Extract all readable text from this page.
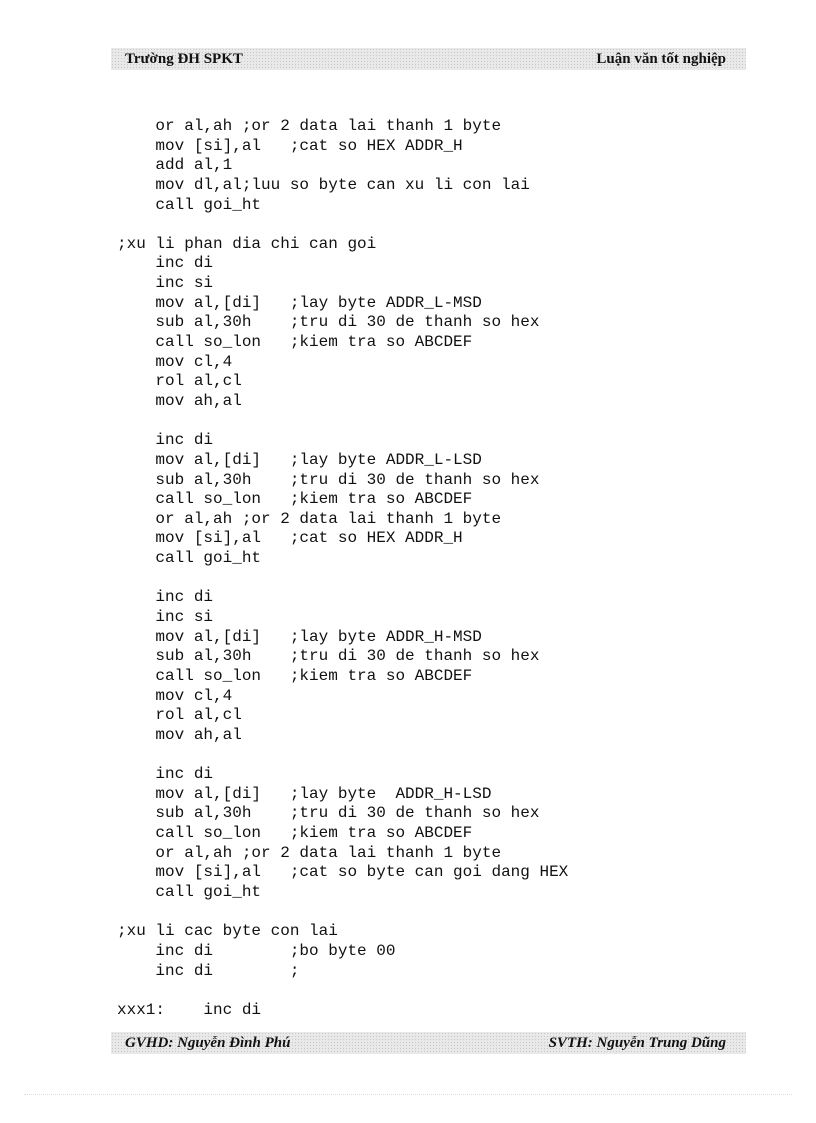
Trường ĐH SPKT	Luận văn tốt nghiệp
or al,ah ;or 2 data lai thanh 1 byte
mov [si],al   ;cat so HEX ADDR_H
add al,1
mov dl,al;luu so byte can xu li con lai
call goi_ht
;xu li phan dia chi can goi
inc di
inc si
mov al,[di]   ;lay byte ADDR_L-MSD
sub al,30h    ;tru di 30 de thanh so hex
call so_lon   ;kiem tra so ABCDEF
mov cl,4
rol al,cl
mov ah,al
inc di
mov al,[di]   ;lay byte ADDR_L-LSD
sub al,30h    ;tru di 30 de thanh so hex
call so_lon   ;kiem tra so ABCDEF
or al,ah ;or 2 data lai thanh 1 byte
mov [si],al   ;cat so HEX ADDR_H
call goi_ht
inc di
inc si
mov al,[di]   ;lay byte ADDR_H-MSD
sub al,30h    ;tru di 30 de thanh so hex
call so_lon   ;kiem tra so ABCDEF
mov cl,4
rol al,cl
mov ah,al
inc di
mov al,[di]   ;lay byte  ADDR_H-LSD
sub al,30h    ;tru di 30 de thanh so hex
call so_lon   ;kiem tra so ABCDEF
or al,ah ;or 2 data lai thanh 1 byte
mov [si],al   ;cat so byte can goi dang HEX
call goi_ht
;xu li cac byte con lai
inc di        ;bo byte 00
inc di        ;
xxx1:    inc di
GVHD: Nguyễn Đình Phú	SVTH: Nguyễn Trung Dũng
